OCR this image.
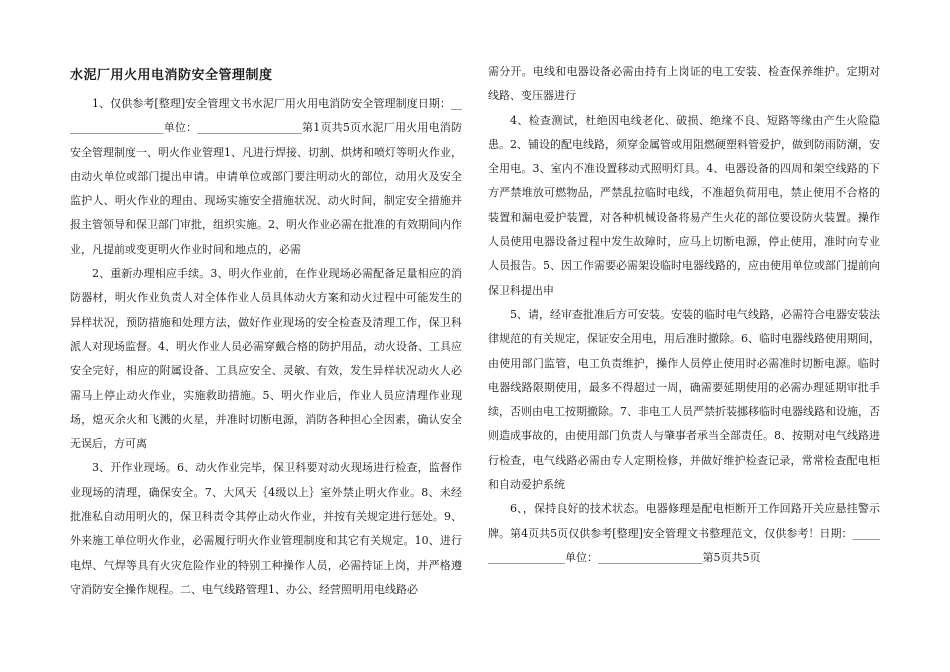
水泥厂用火用电消防安全管理制度

1、仅供参考[整理]安全管理文书水泥厂用火用电消防安全管理制度日期：___________________单位：___________________第1页共5页水泥厂用火用电消防安全管理制度一、明火作业管理1、凡进行焊接、切割、烘烤和喷灯等明火作业，由动火单位或部门提出申请。申请单位或部门要注明动火的部位，动用火及安全监护人、明火作业的理由、现场实施安全措施状况、动火时间，制定安全措施并报主管领导和保卫部门审批，组织实施。2、明火作业必需在批准的有效期间内作业，凡提前或变更明火作业时间和地点的，必需

2、重新办理相应手续。3、明火作业前，在作业现场必需配备足量相应的消防器材，明火作业负责人对全体作业人员具体动火方案和动火过程中可能发生的异样状况，预防措施和处理方法，做好作业现场的安全检查及清理工作，保卫科派人对现场监督。4、明火作业人员必需穿戴合格的防护用品，动火设备、工具应安全完好，相应的附属设备、工具应安全、灵敏、有效，发生异样状况动火人必需马上停止动火作业，实施救助措施。5、明火作业后，作业人员应清理作业现场，熄灭余火和飞溅的火星，并准时切断电源，消防各种担心全因素，确认安全无误后，方可离

3、开作业现场。6、动火作业完毕，保卫科要对动火现场进行检查，监督作业现场的清理，确保安全。7、大风天｛4级以上｝室外禁止明火作业。8、未经批准私自动用明火的，保卫科责令其停止动火作业，并按有关规定进行惩处。9、外来施工单位明火作业，必需履行明火作业管理制度和其它有关规定。10、进行电焊、气焊等具有火灾危险作业的特别工种操作人员，必需持证上岗，并严格遵守消防安全操作规程。二、电气线路管理1、办公、经营照明用电线路必

需分开。电线和电器设备必需由持有上岗证的电工安装、检查保养维护。定期对线路、变压器进行

4、检查测试，杜绝因电线老化、破损、绝缘不良、短路等缘由产生火险隐患。2、铺设的配电线路，须穿金属管或用阻燃硬塑料管爱护，做到防雨防潮，安全用电。3、室内不准设置移动式照明灯具。4、电器设备的四周和架空线路的下方严禁堆放可燃物品，严禁乱拉临时电线，不准超负荷用电，禁止使用不合格的装置和漏电爱护装置，对各种机械设备将易产生火花的部位要设防火装置。操作人员使用电器设备过程中发生故障时，应马上切断电源，停止使用，准时向专业人员报告。5、因工作需要必需架设临时电器线路的，应由使用单位或部门提前向保卫科提出申

5、请，经审查批准后方可安装。安装的临时电气线路，必需符合电器安装法律规范的有关规定，保证安全用电，用后准时撤除。6、临时电器线路使用期间，由使用部门监管，电工负责维护，操作人员停止使用时必需准时切断电源。临时电器线路限期使用，最多不得超过一周，确需要延期使用的必需办理延期审批手续，否则由电工按期撤除。7、非电工人员严禁折装挪移临时电器线路和设施，否则造成事故的，由使用部门负责人与肇事者承当全部责任。8、按期对电气线路进行检查，电气线路必需由专人定期检修，并做好维护检查记录，常常检查配电柜和自动爱护系统

6、，保持良好的技术状态。电器修理是配电柜断开工作回路开关应悬挂警示牌。第4页共5页仅供参考[整理]安全管理文书整理范文，仅供参考！日期：___________________单位：___________________第5页共5页
